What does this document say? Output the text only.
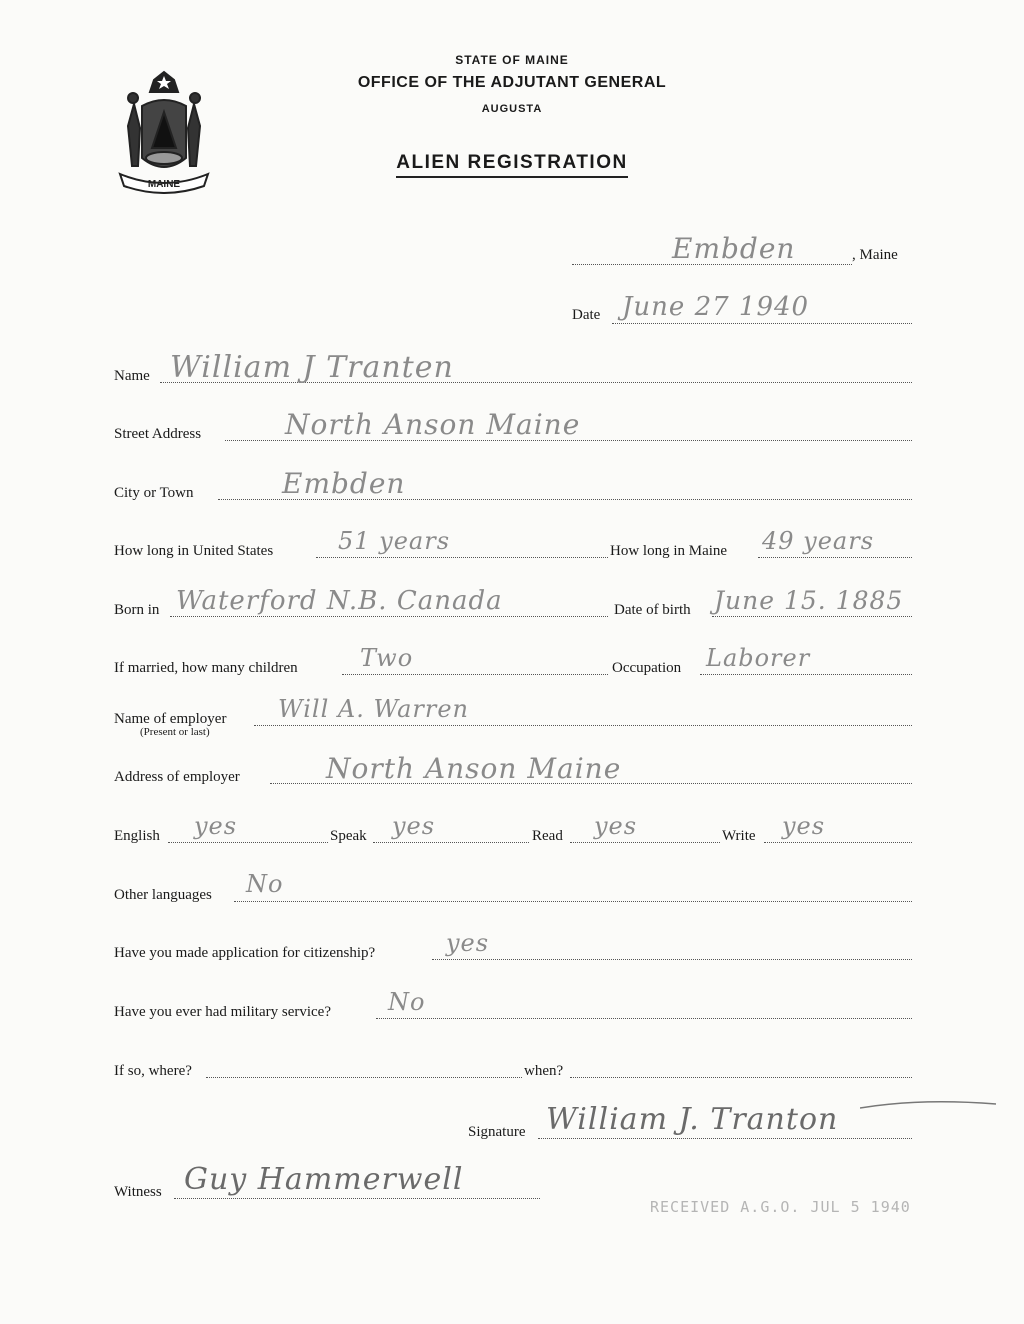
MAINE
STATE OF MAINE
OFFICE OF THE ADJUTANT GENERAL
AUGUSTA
ALIEN REGISTRATION
Embden	, Maine
Date June 27 1940
Name William J Tranten
Street Address	North Anson Maine
City or Town	Embden
How long in United States	51 years	How long in Maine 49 years
Born in Waterford N.B. Canada	Date of birth June 15. 1885
If married, how many children	Two	Occupation Laborer
Name of employer
(Present or last)
Will A. Warren
Address of employer	North Anson Maine
English yes	Speak yes	Read yes	Write yes
Other languages No
Have you made application for citizenship?	yes
Have you ever had military service? No
If so, where?	when?
Signature William J. Tranton
Witness Guy Hammerwell
RECEIVED A.G.O. JUL 5 1940
